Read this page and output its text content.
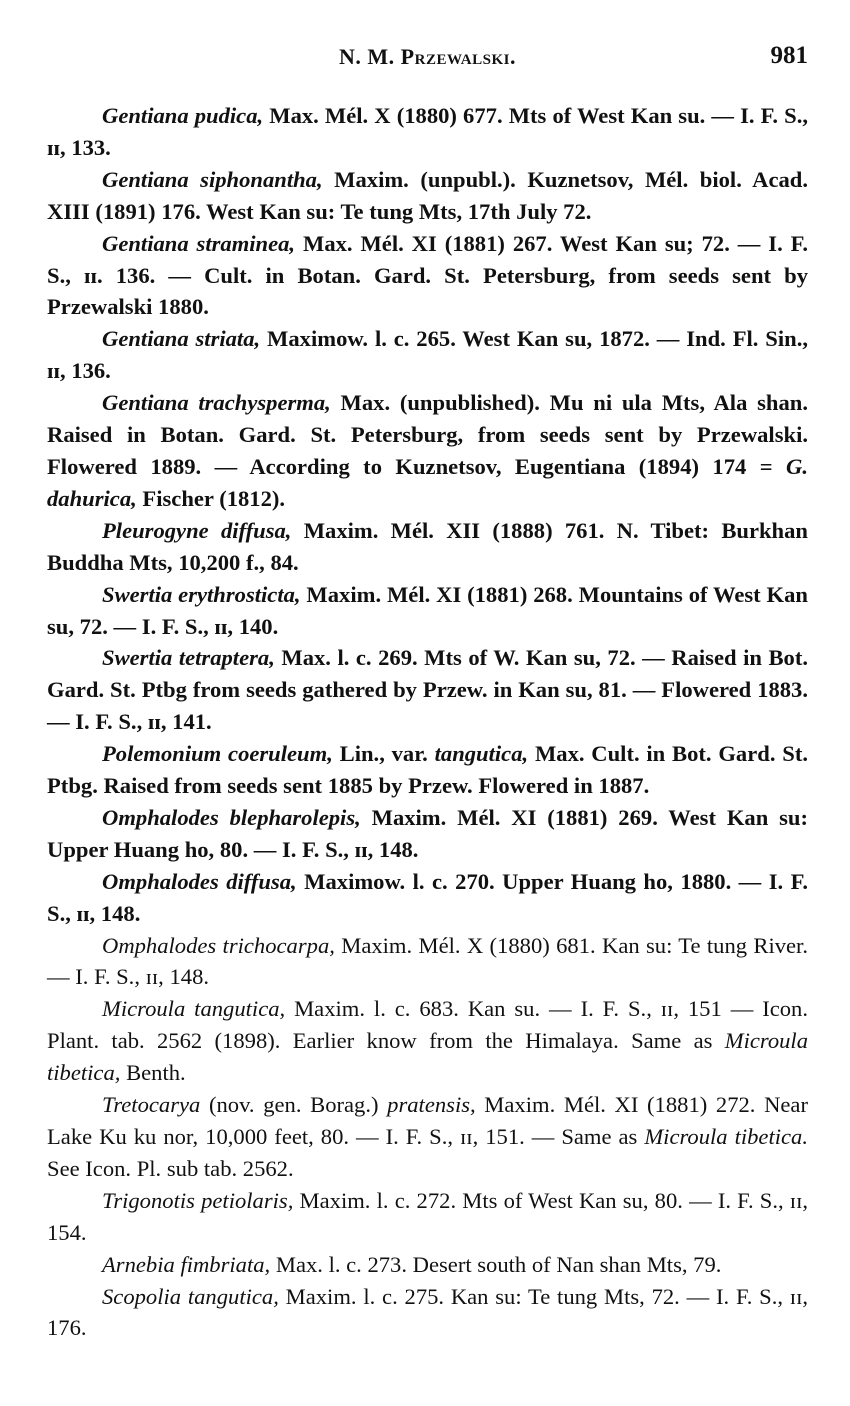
N. M. Przewalski.	981

Gentiana pudica, Max. Mél. X (1880) 677. Mts of West Kan su. — I. F. S., ɪɪ, 133.

Gentiana siphonantha, Maxim. (unpubl.). Kuznetsov, Mél. biol. Acad. XIII (1891) 176. West Kan su: Te tung Mts, 17th July 72.

Gentiana straminea, Max. Mél. XI (1881) 267. West Kan su; 72. — I. F. S., ɪɪ. 136. — Cult. in Botan. Gard. St. Petersburg, from seeds sent by Przewalski 1880.

Gentiana striata, Maximow. l. c. 265. West Kan su, 1872. — Ind. Fl. Sin., ɪɪ, 136.

Gentiana trachysperma, Max. (unpublished). Mu ni ula Mts, Ala shan. Raised in Botan. Gard. St. Petersburg, from seeds sent by Przewalski. Flowered 1889. — According to Kuznetsov, Eugentiana (1894) 174 = G. dahurica, Fischer (1812).

Pleurogyne diffusa, Maxim. Mél. XII (1888) 761. N. Tibet: Burkhan Buddha Mts, 10,200 f., 84.

Swertia erythrosticta, Maxim. Mél. XI (1881) 268. Mountains of West Kan su, 72. — I. F. S., ɪɪ, 140.

Swertia tetraptera, Max. l. c. 269. Mts of W. Kan su, 72. — Raised in Bot. Gard. St. Ptbg from seeds gathered by Przew. in Kan su, 81. — Flowered 1883. — I. F. S., ɪɪ, 141.

Polemonium coeruleum, Lin., var. tangutica, Max. Cult. in Bot. Gard. St. Ptbg. Raised from seeds sent 1885 by Przew. Flowered in 1887.

Omphalodes blepharolepis, Maxim. Mél. XI (1881) 269. West Kan su: Upper Huang ho, 80. — I. F. S., ɪɪ, 148.

Omphalodes diffusa, Maximow. l. c. 270. Upper Huang ho, 1880. — I. F. S., ɪɪ, 148.

Omphalodes trichocarpa, Maxim. Mél. X (1880) 681. Kan su: Te tung River. — I. F. S., ɪɪ, 148.

Microula tangutica, Maxim. l. c. 683. Kan su. — I. F. S., ɪɪ, 151 — Icon. Plant. tab. 2562 (1898). Earlier know from the Himalaya. Same as Microula tibetica, Benth.

Tretocarya (nov. gen. Borag.) pratensis, Maxim. Mél. XI (1881) 272. Near Lake Ku ku nor, 10,000 feet, 80. — I. F. S., ɪɪ, 151. — Same as Microula tibetica. See Icon. Pl. sub tab. 2562.

Trigonotis petiolaris, Maxim. l. c. 272. Mts of West Kan su, 80. — I. F. S., ɪɪ, 154.

Arnebia fimbriata, Max. l. c. 273. Desert south of Nan shan Mts, 79.

Scopolia tangutica, Maxim. l. c. 275. Kan su: Te tung Mts, 72. — I. F. S., ɪɪ, 176.
